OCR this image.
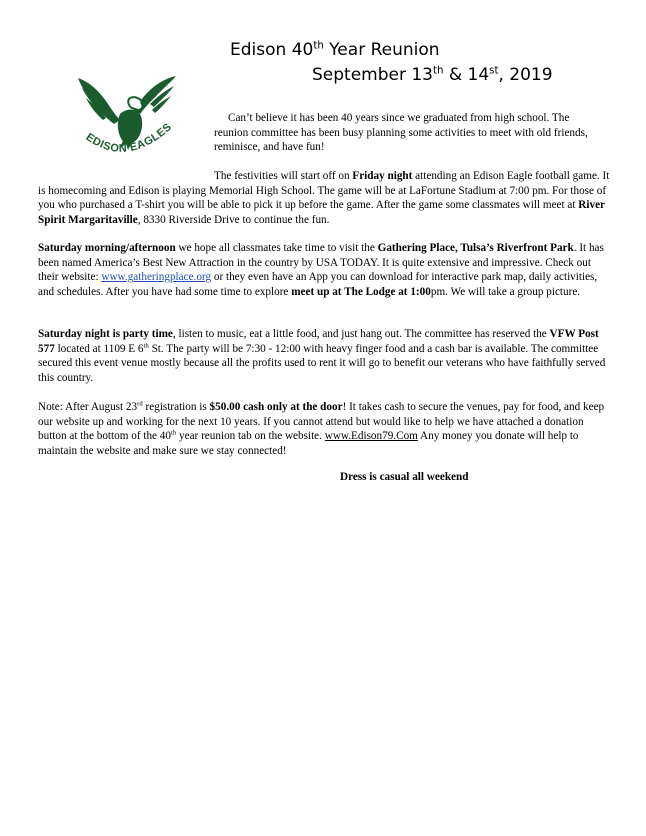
EDISON EAGLES
Edison 40th Year Reunion
September 13th & 14st, 2019

Can’t believe it has been 40 years since we graduated from high school. The reunion committee has been busy planning some activities to meet with old friends, reminisce, and have fun!

The festivities will start off on Friday night attending an Edison Eagle football game. It is homecoming and Edison is playing Memorial High School. The game will be at LaFortune Stadium at 7:00 pm. For those of you who purchased a T-shirt you will be able to pick it up before the game. After the game some classmates will meet at River Spirit Margaritaville, 8330 Riverside Drive to continue the fun.

Saturday morning/afternoon we hope all classmates take time to visit the Gathering Place, Tulsa’s Riverfront Park. It has been named America’s Best New Attraction in the country by USA TODAY. It is quite extensive and impressive. Check out their website: www.gatheringplace.org or they even have an App you can download for interactive park map, daily activities, and schedules. After you have had some time to explore meet up at The Lodge at 1:00pm. We will take a group picture.

Saturday night is party time, listen to music, eat a little food, and just hang out. The committee has reserved the VFW Post 577 located at 1109 E 6th St. The party will be 7:30 - 12:00 with heavy finger food and a cash bar is available. The committee secured this event venue mostly because all the profits used to rent it will go to benefit our veterans who have faithfully served this country.

Note: After August 23rd registration is $50.00 cash only at the door! It takes cash to secure the venues, pay for food, and keep our website up and working for the next 10 years. If you cannot attend but would like to help we have attached a donation button at the bottom of the 40th year reunion tab on the website. www.Edison79.Com Any money you donate will help to maintain the website and make sure we stay connected!

Dress is casual all weekend
